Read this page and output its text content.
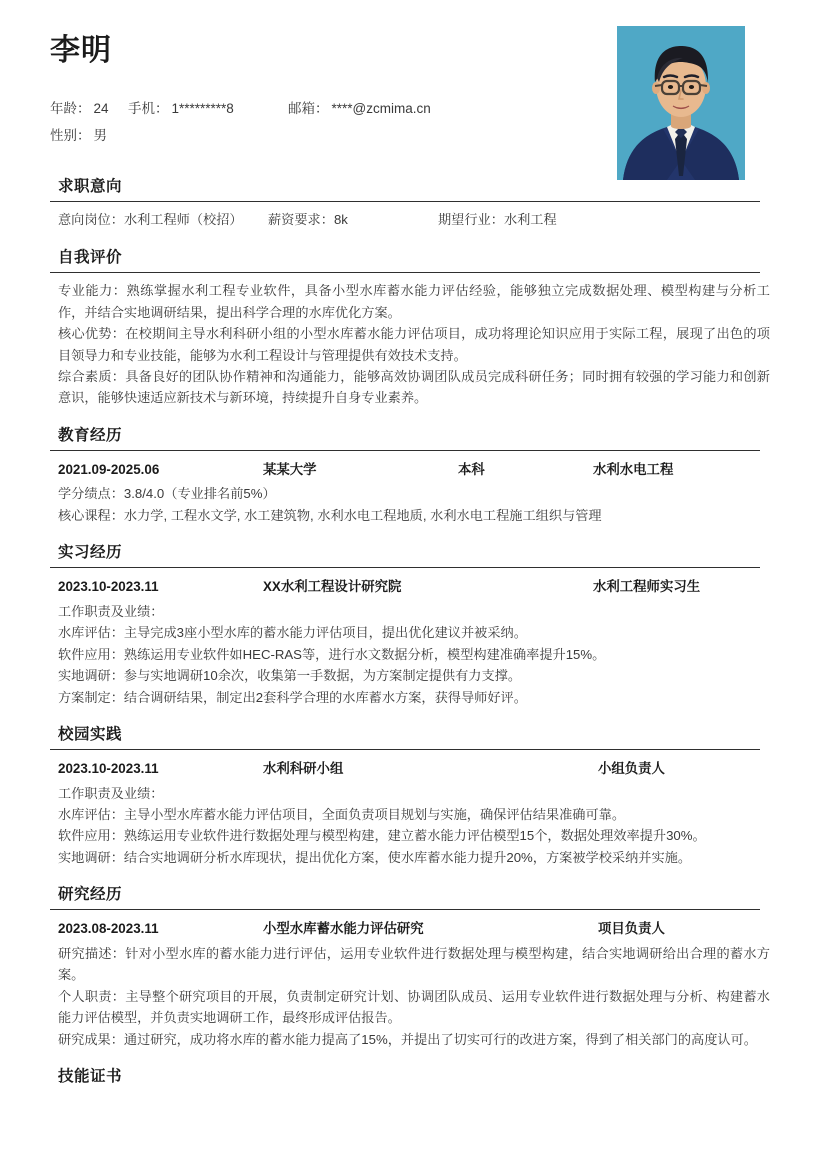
李明
年龄： 24 手机： 1*********8	邮箱： ****@zcmima.cn
性别： 男
求职意向
意向岗位：水利工程师（校招）	薪资要求：8k	期望行业：水利工程
自我评价
专业能力：熟练掌握水利工程专业软件，具备小型水库蓄水能力评估经验，能够独立完成数据处理、模型构建与分析工作，并结合实地调研结果，提出科学合理的水库优化方案。
核心优势：在校期间主导水利科研小组的小型水库蓄水能力评估项目，成功将理论知识应用于实际工程，展现了出色的项目领导力和专业技能，能够为水利工程设计与管理提供有效技术支持。
综合素质：具备良好的团队协作精神和沟通能力，能够高效协调团队成员完成科研任务；同时拥有较强的学习能力和创新意识，能够快速适应新技术与新环境，持续提升自身专业素养。
教育经历
2021.09-2025.06	某某大学	本科	水利水电工程
学分绩点：3.8/4.0（专业排名前5%）
核心课程：水力学, 工程水文学, 水工建筑物, 水利水电工程地质, 水利水电工程施工组织与管理
实习经历
2023.10-2023.11	XX水利工程设计研究院	水利工程师实习生
工作职责及业绩：
水库评估：主导完成3座小型水库的蓄水能力评估项目，提出优化建议并被采纳。
软件应用：熟练运用专业软件如HEC-RAS等，进行水文数据分析，模型构建准确率提升15%。
实地调研：参与实地调研10余次，收集第一手数据，为方案制定提供有力支撑。
方案制定：结合调研结果，制定出2套科学合理的水库蓄水方案，获得导师好评。
校园实践
2023.10-2023.11	水利科研小组	小组负责人
工作职责及业绩：
水库评估：主导小型水库蓄水能力评估项目，全面负责项目规划与实施，确保评估结果准确可靠。
软件应用：熟练运用专业软件进行数据处理与模型构建，建立蓄水能力评估模型15个，数据处理效率提升30%。
实地调研：结合实地调研分析水库现状，提出优化方案，使水库蓄水能力提升20%，方案被学校采纳并实施。
研究经历
2023.08-2023.11	小型水库蓄水能力评估研究	项目负责人
研究描述：针对小型水库的蓄水能力进行评估，运用专业软件进行数据处理与模型构建，结合实地调研给出合理的蓄水方案。
个人职责：主导整个研究项目的开展，负责制定研究计划、协调团队成员、运用专业软件进行数据处理与分析、构建蓄水能力评估模型，并负责实地调研工作，最终形成评估报告。
研究成果：通过研究，成功将水库的蓄水能力提高了15%，并提出了切实可行的改进方案，得到了相关部门的高度认可。
技能证书
